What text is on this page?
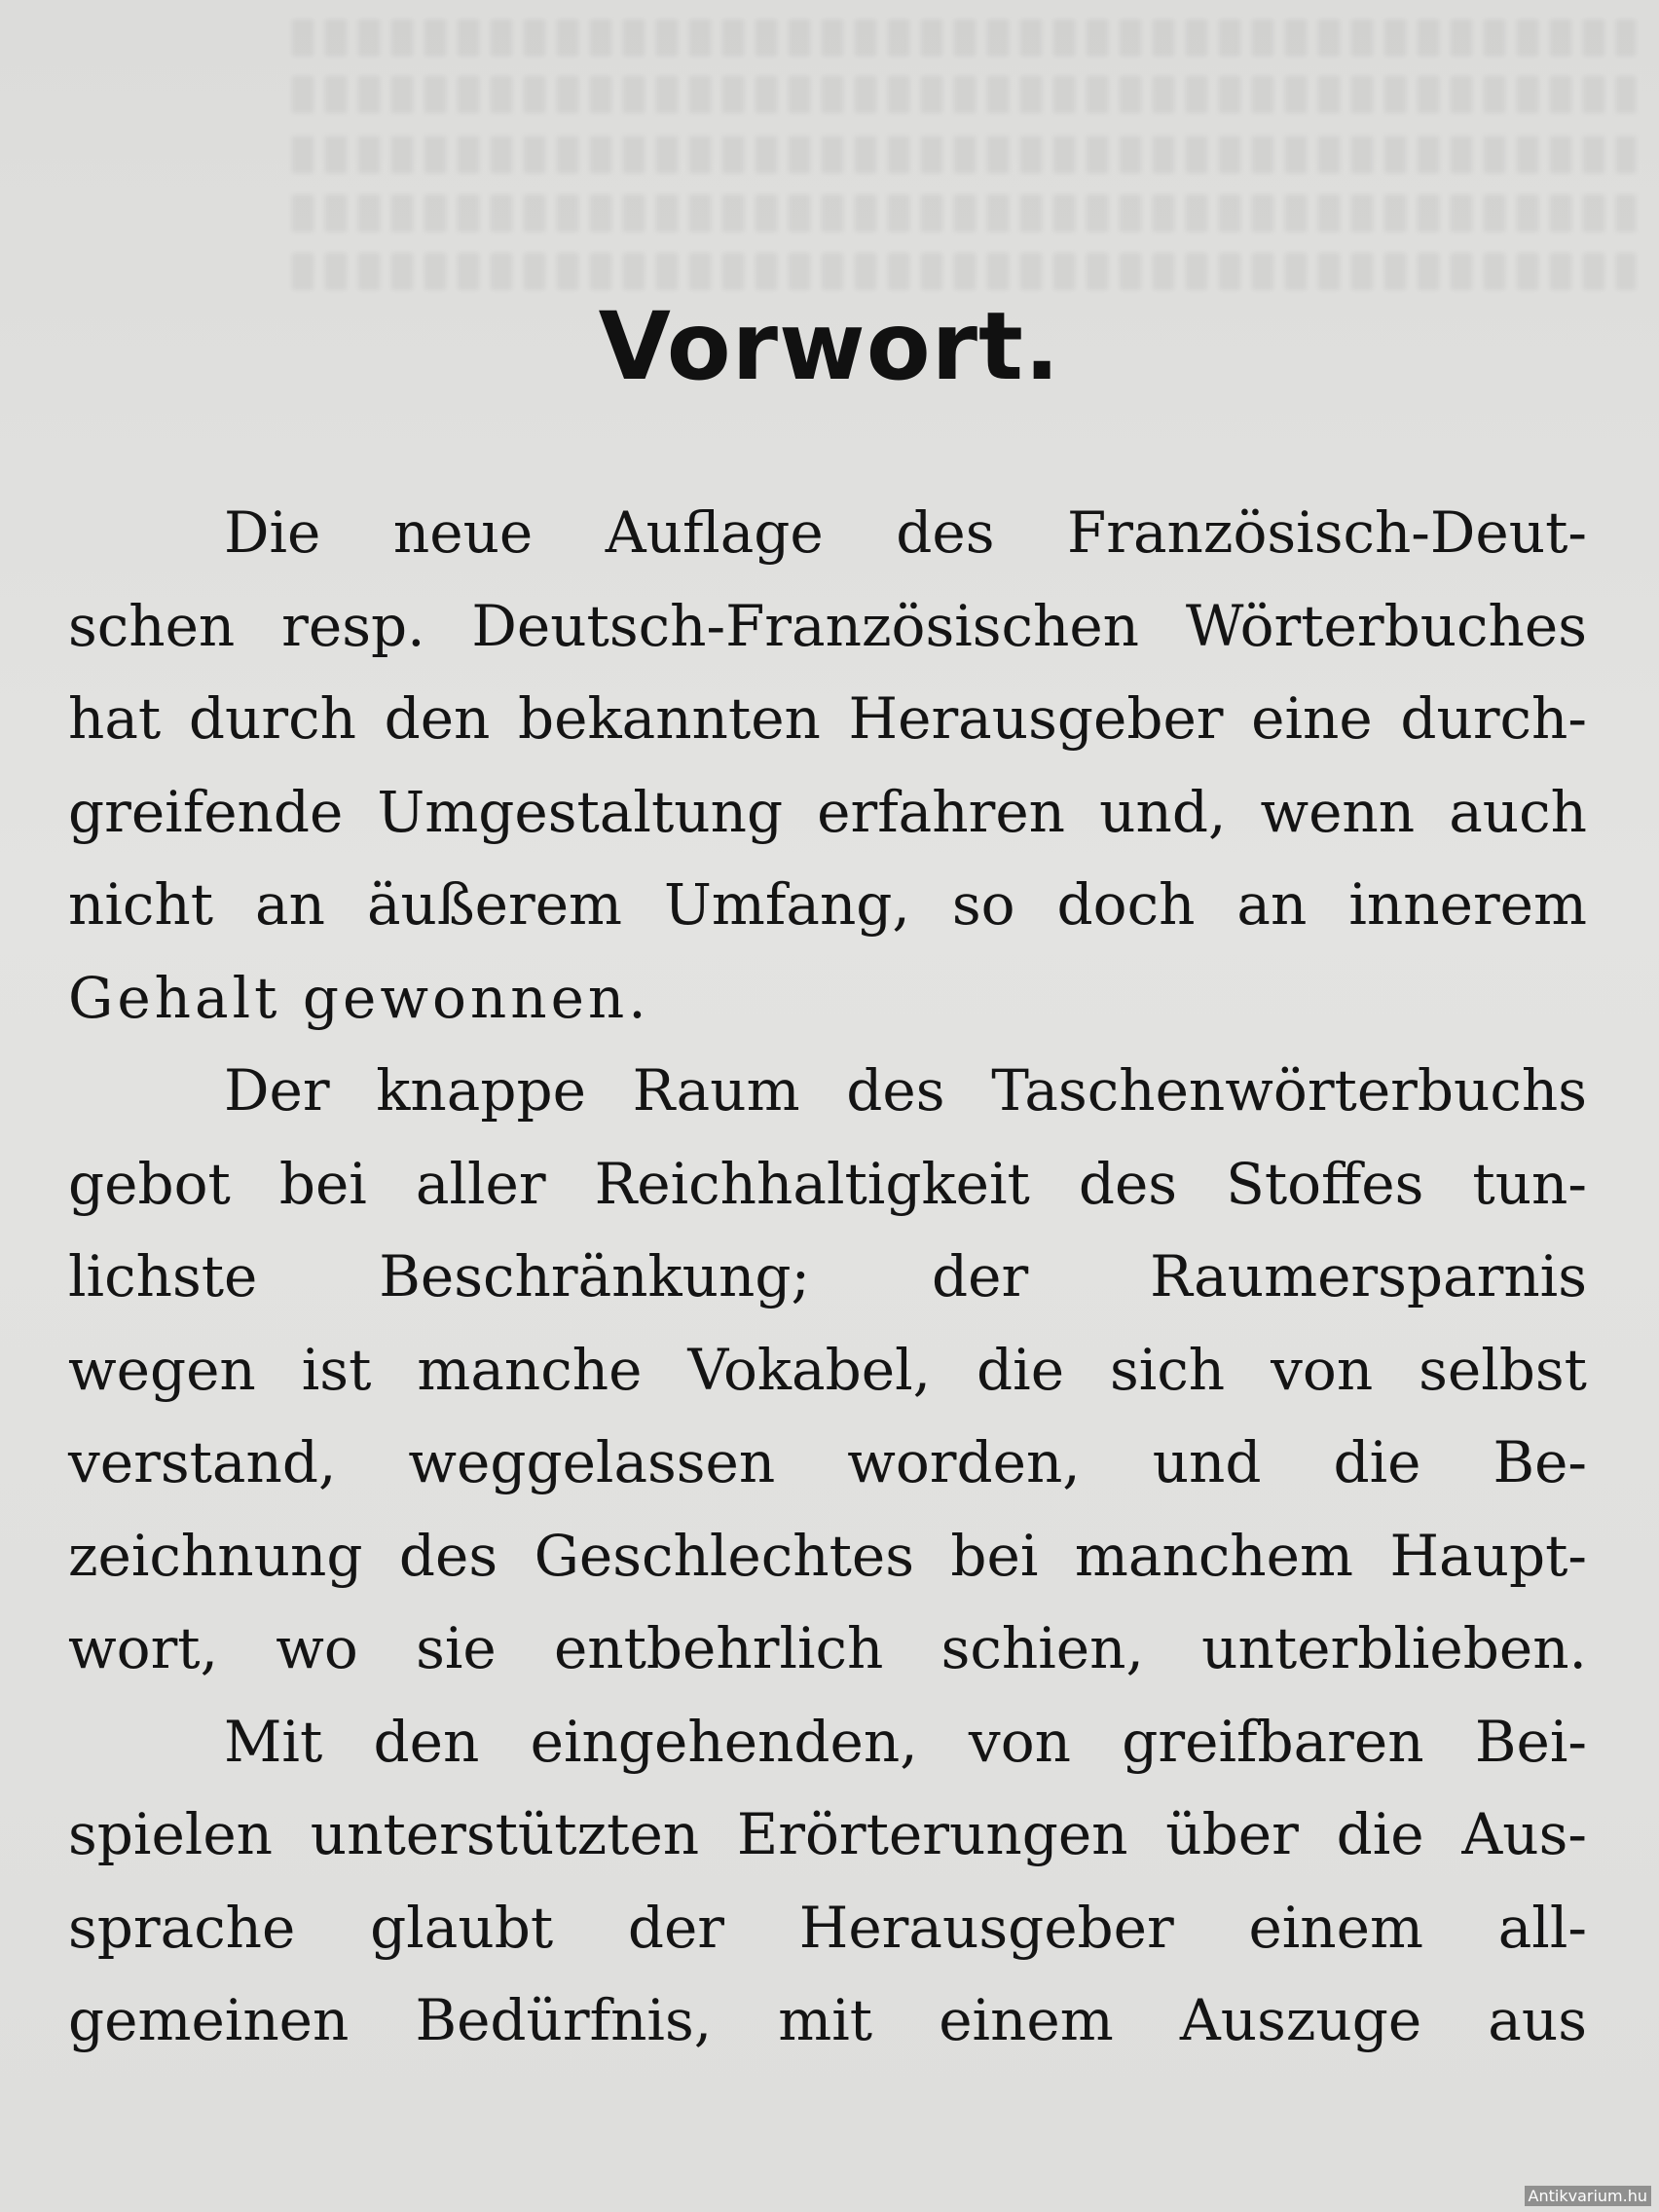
Vorwort.
Die neue Auflage des Französisch-Deut-
schen resp. Deutsch-Französischen Wörterbuches
hat durch den bekannten Herausgeber eine durch-
greifende Umgestaltung erfahren und, wenn auch
nicht an äußerem Umfang, so doch an innerem
Gehalt gewonnen.
Der knappe Raum des Taschenwörterbuchs
gebot bei aller Reichhaltigkeit des Stoffes tun-
lichste Beschränkung; der Raumersparnis
wegen ist manche Vokabel, die sich von selbst
verstand, weggelassen worden, und die Be-
zeichnung des Geschlechtes bei manchem Haupt-
wort, wo sie entbehrlich schien, unterblieben.
Mit den eingehenden, von greifbaren Bei-
spielen unterstützten Erörterungen über die Aus-
sprache glaubt der Herausgeber einem all-
gemeinen Bedürfnis, mit einem Auszuge aus
Antikvarium.hu
